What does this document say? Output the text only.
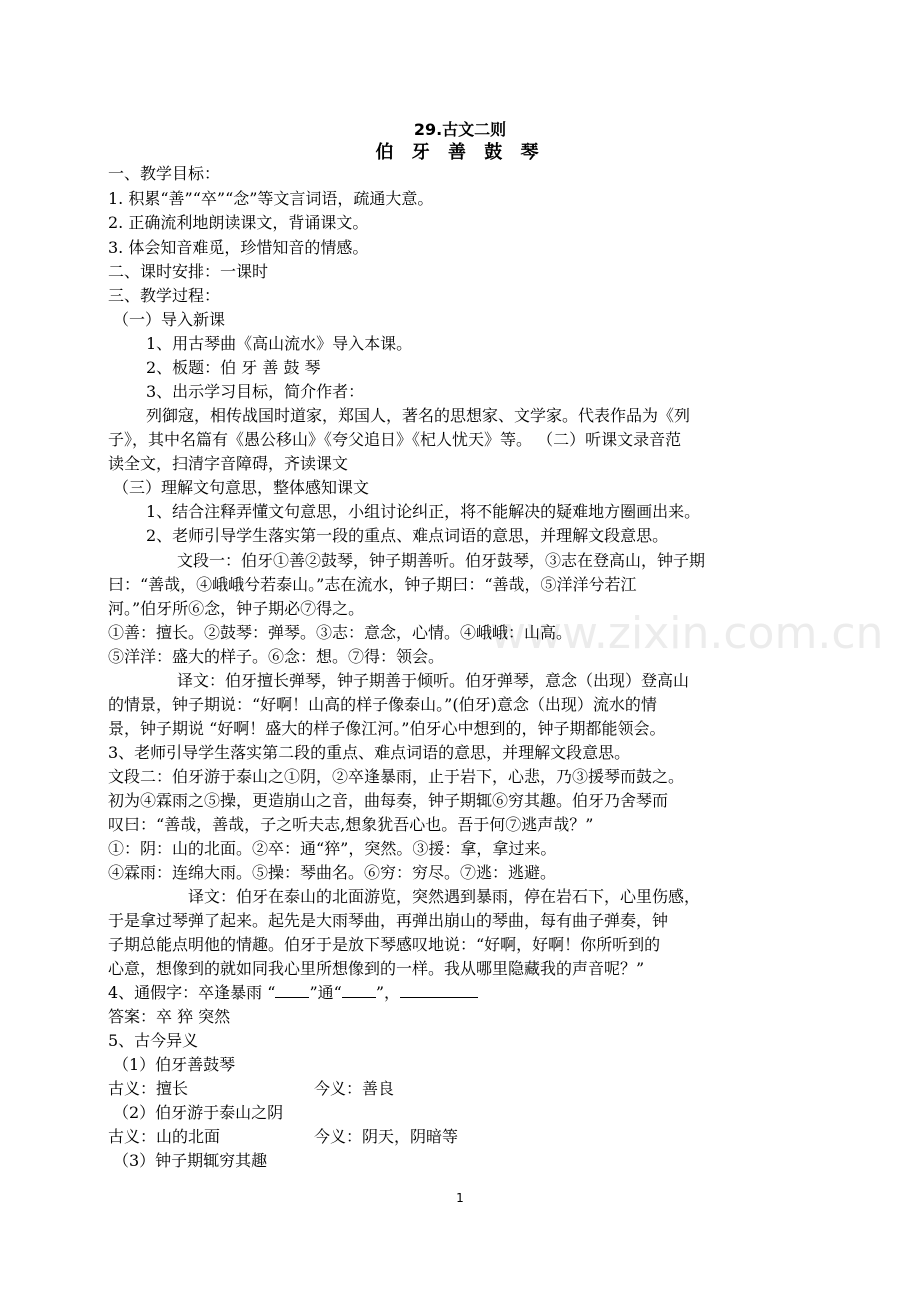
www.zixin.com.cn
29.古文二则
伯 牙 善 鼓 琴
一、教学目标：
1. 积累“善”“卒”“念”等文言词语，疏通大意。
2. 正确流利地朗读课文，背诵课文。
3. 体会知音难觅，珍惜知音的情感。
二、课时安排：一课时
三、教学过程：
（一）导入新课
1、用古琴曲《高山流水》导入本课。
2、板题：伯 牙 善 鼓 琴
3、出示学习目标，简介作者：
列御寇，相传战国时道家，郑国人，著名的思想家、文学家。代表作品为《列
子》，其中名篇有《愚公移山》《夸父追日》《杞人忧天》等。 （二）听课文录音范
读全文，扫清字音障碍，齐读课文
（三）理解文句意思，整体感知课文
1、结合注释弄懂文句意思，小组讨论纠正，将不能解决的疑难地方圈画出来。
2、老师引导学生落实第一段的重点、难点词语的意思，并理解文段意思。
文段一：伯牙①善②鼓琴，钟子期善听。伯牙鼓琴，③志在登高山，钟子期
曰：“善哉，④峨峨兮若泰山。”志在流水，钟子期曰：“善哉，⑤洋洋兮若江
河。”伯牙所⑥念，钟子期必⑦得之。
①善：擅长。②鼓琴：弹琴。③志：意念，心情。④峨峨：山高。
⑤洋洋：盛大的样子。⑥念：想。⑦得：领会。
译文：伯牙擅长弹琴，钟子期善于倾听。伯牙弹琴，意念（出现）登高山
的情景，钟子期说：“好啊！山高的样子像泰山。”(伯牙)意念（出现）流水的情
景，钟子期说 “好啊！盛大的样子像江河。”伯牙心中想到的，钟子期都能领会。
3、老师引导学生落实第二段的重点、难点词语的意思，并理解文段意思。
文段二：伯牙游于泰山之①阴，②卒逢暴雨，止于岩下，心悲，乃③援琴而鼓之。
初为④霖雨之⑤操，更造崩山之音，曲每奏，钟子期辄⑥穷其趣。伯牙乃舍琴而
叹曰：“善哉，善哉，子之听夫志,想象犹吾心也。吾于何⑦逃声哉？”
①：阴：山的北面。②卒：通“猝”，突然。③援：拿，拿过来。
④霖雨：连绵大雨。⑤操：琴曲名。⑥穷：穷尽。⑦逃：逃避。
译文：伯牙在泰山的北面游览，突然遇到暴雨，停在岩石下，心里伤感，
于是拿过琴弹了起来。起先是大雨琴曲，再弹出崩山的琴曲，每有曲子弹奏，钟
子期总能点明他的情趣。伯牙于是放下琴感叹地说：“好啊，好啊！你所听到的
心意，想像到的就如同我心里所想像到的一样。我从哪里隐藏我的声音呢？”
4、通假字：卒逢暴雨 “ ”通“ ”，
答案：卒 猝 突然
5、古今异义
（1）伯牙善鼓琴
古义：擅长	今义：善良
（2）伯牙游于泰山之阴
古义：山的北面	今义：阴天，阴暗等
（3）钟子期辄穷其趣
1
